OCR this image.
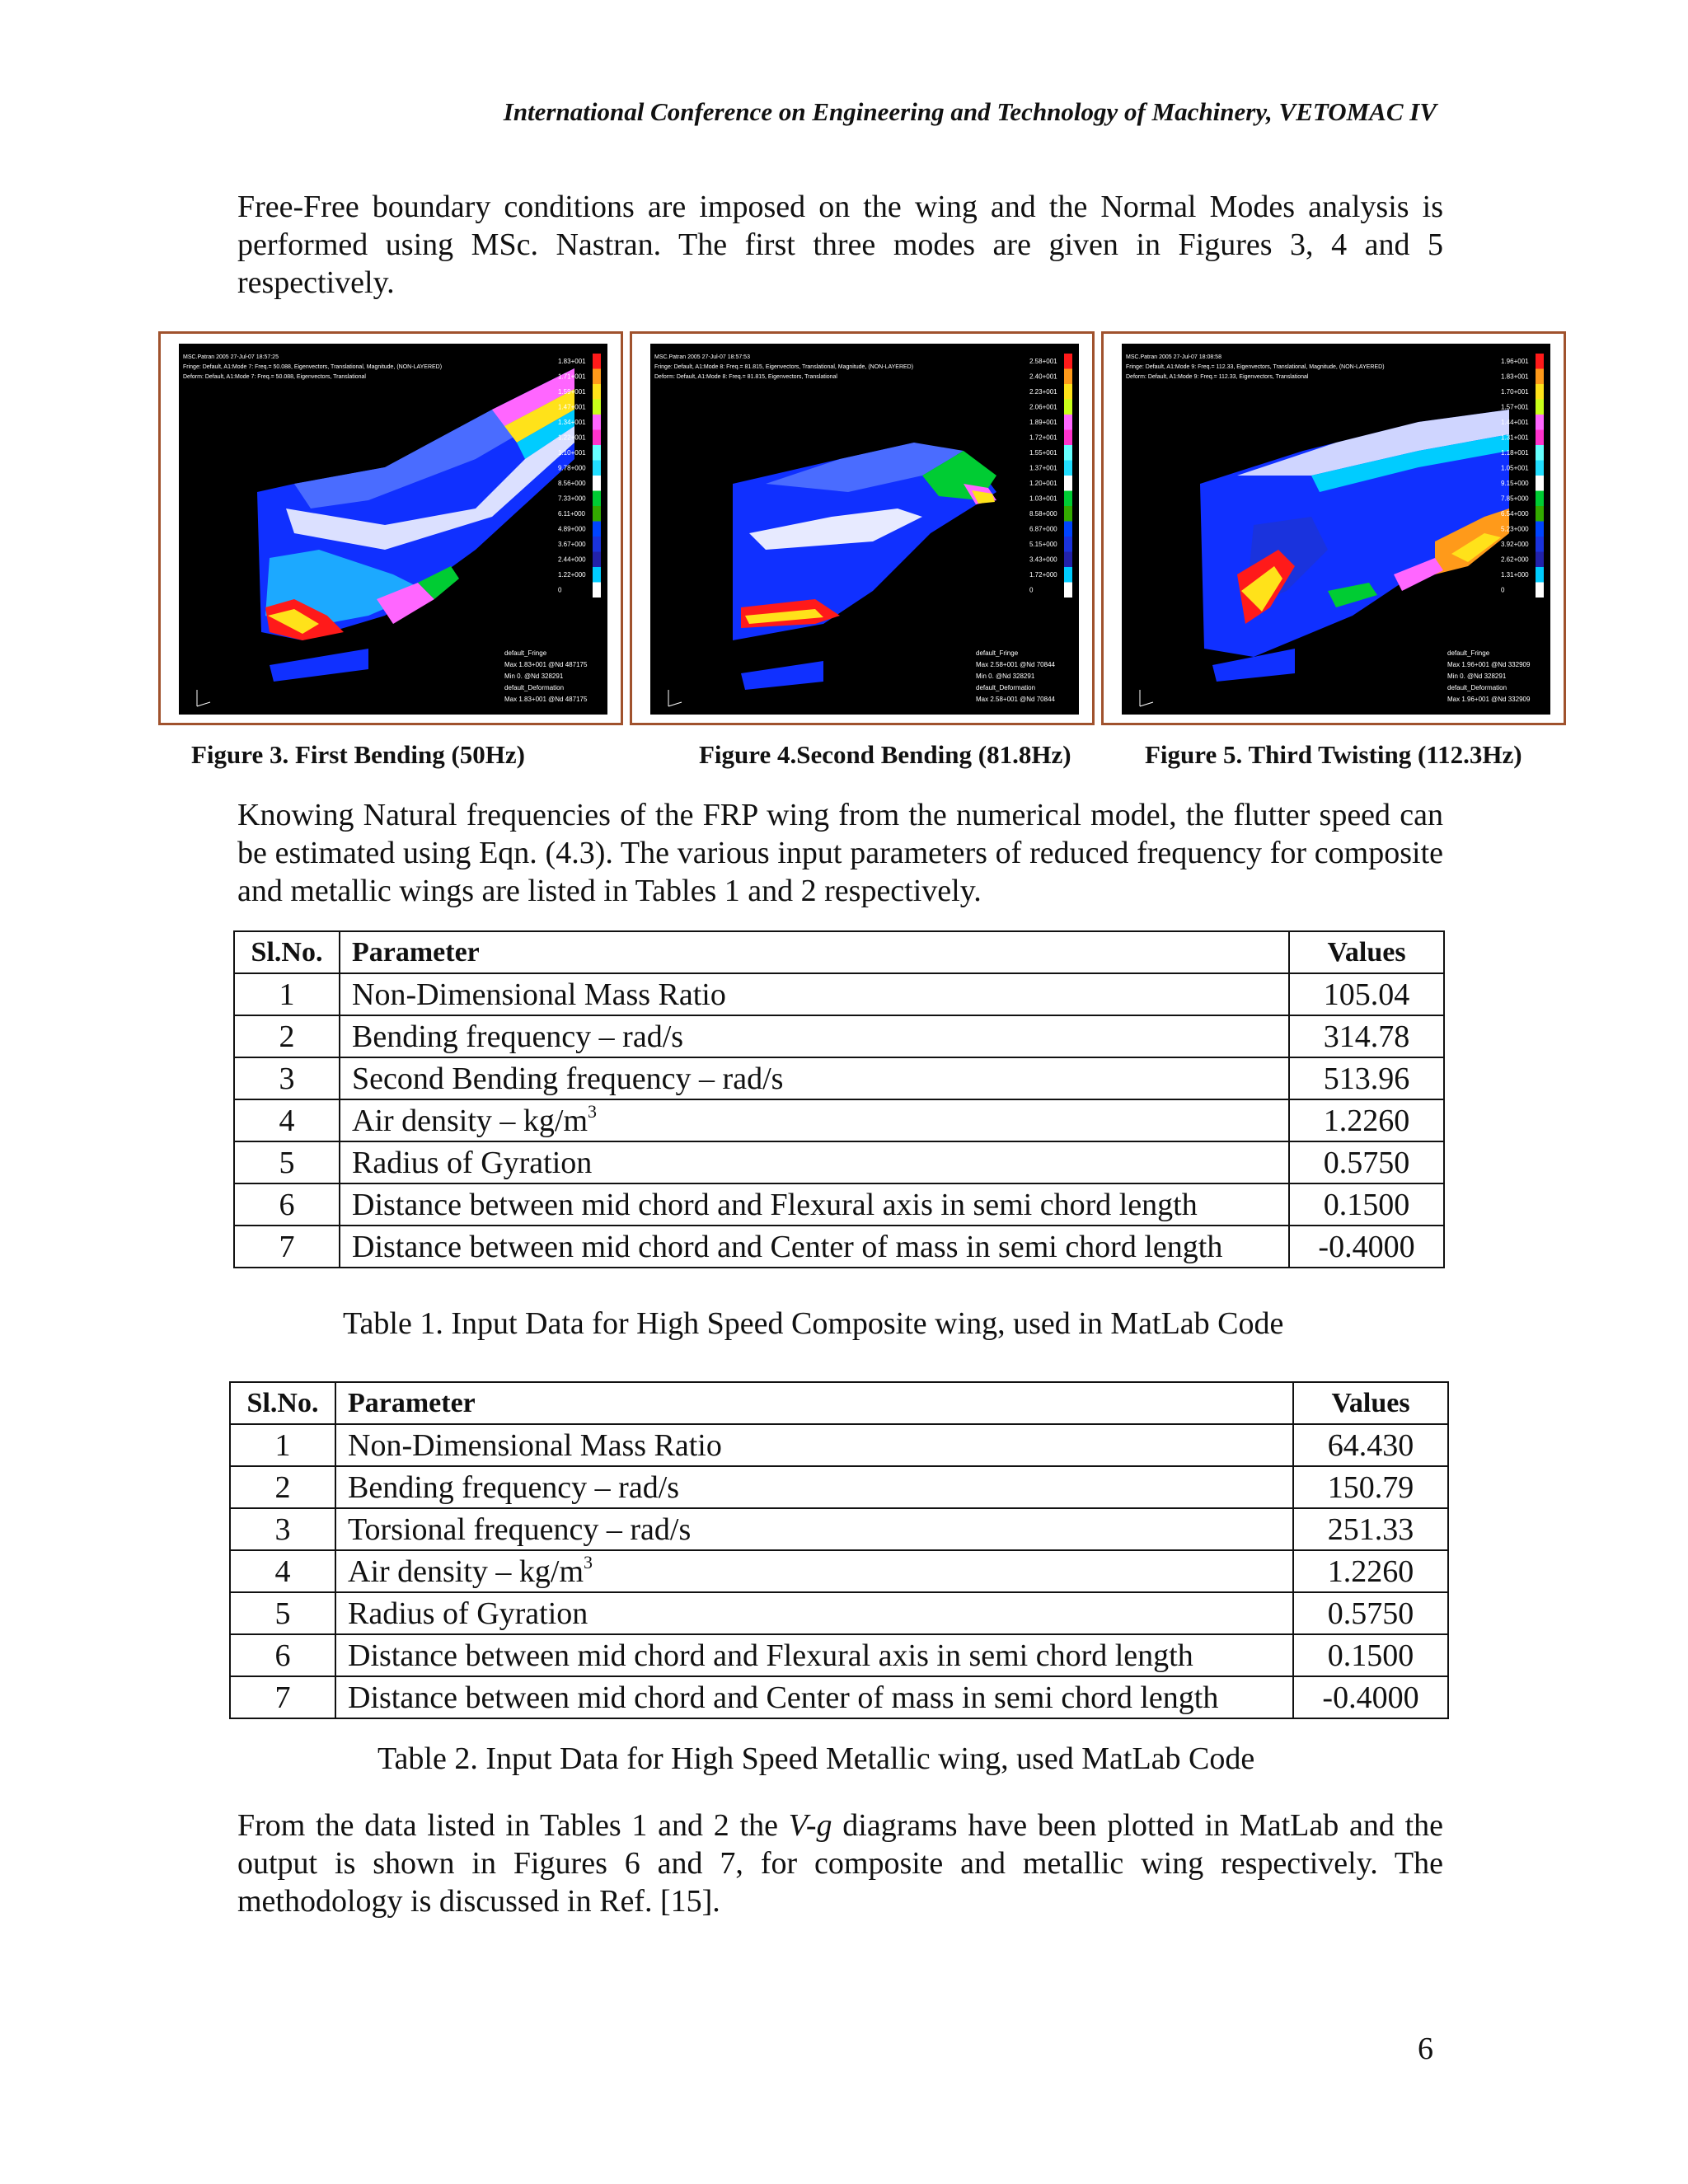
International Conference on Engineering and Technology of Machinery, VETOMAC IV

Free-Free boundary conditions are imposed on the wing and the Normal Modes analysis is performed using MSc. Nastran. The first three modes are given in Figures 3, 4 and 5 respectively.

MSC.Patran 2005 27-Jul-07 18:57:25
Fringe: Default, A1:Mode 7: Freq.= 50.088, Eigenvectors, Translational, Magnitude, (NON-LAYERED)
Deform: Default, A1:Mode 7: Freq.= 50.088, Eigenvectors, Translational
1.83+001
1.71+001
1.59+001
1.47+001
1.34+001
1.22+001
1.10+001
9.78+000
8.56+000
7.33+000
6.11+000
4.89+000
3.67+000
2.44+000
1.22+000
0
default_Fringe
Max 1.83+001 @Nd 487175
Min 0. @Nd 328291
default_Deformation
Max 1.83+001 @Nd 487175
MSC.Patran 2005 27-Jul-07 18:57:53
Fringe: Default, A1:Mode 8: Freq.= 81.815, Eigenvectors, Translational, Magnitude, (NON-LAYERED)
Deform: Default, A1:Mode 8: Freq.= 81.815, Eigenvectors, Translational
2.58+001
2.40+001
2.23+001
2.06+001
1.89+001
1.72+001
1.55+001
1.37+001
1.20+001
1.03+001
8.58+000
6.87+000
5.15+000
3.43+000
1.72+000
0
default_Fringe
Max 2.58+001 @Nd 70844
Min 0. @Nd 328291
default_Deformation
Max 2.58+001 @Nd 70844
MSC.Patran 2005 27-Jul-07 18:08:58
Fringe: Default, A1:Mode 9: Freq.= 112.33, Eigenvectors, Translational, Magnitude, (NON-LAYERED)
Deform: Default, A1:Mode 9: Freq.= 112.33, Eigenvectors, Translational
1.96+001
1.83+001
1.70+001
1.57+001
1.44+001
1.31+001
1.18+001
1.05+001
9.15+000
7.85+000
6.54+000
5.23+000
3.92+000
2.62+000
1.31+000
0
default_Fringe
Max 1.96+001 @Nd 332909
Min 0. @Nd 328291
default_Deformation
Max 1.96+001 @Nd 332909
Figure 3. First Bending (50Hz)	Figure 4.Second Bending (81.8Hz)	Figure 5. Third Twisting (112.3Hz)

Knowing Natural frequencies of the FRP wing from the numerical model, the flutter speed can be estimated using Eqn. (4.3). The various input parameters of reduced frequency for composite and metallic wings are listed in Tables 1 and 2 respectively.

Sl.No.	Parameter	Values
1	Non-Dimensional Mass Ratio	105.04
2	Bending frequency – rad/s	314.78
3	Second Bending frequency – rad/s	513.96
4	Air density – $kg/m^3$	1.2260
5	Radius of Gyration	0.5750
6	Distance between mid chord and Flexural axis in semi chord length	0.1500
7	Distance between mid chord and Center of mass in semi chord length	-0.4000
Table 1. Input Data for High Speed Composite wing, used in MatLab Code
Sl.No.	Parameter	Values
1	Non-Dimensional Mass Ratio	64.430
2	Bending frequency – rad/s	150.79
3	Torsional frequency – rad/s	251.33
4	Air density – $kg/m^3$	1.2260
5	Radius of Gyration	0.5750
6	Distance between mid chord and Flexural axis in semi chord length	0.1500
7	Distance between mid chord and Center of mass in semi chord length	-0.4000
Table 2. Input Data for High Speed Metallic wing, used MatLab Code

From the data listed in Tables 1 and 2 the V-g diagrams have been plotted in MatLab and the output is shown in Figures 6 and 7, for composite and metallic wing respectively. The methodology is discussed in Ref. [15].

6
